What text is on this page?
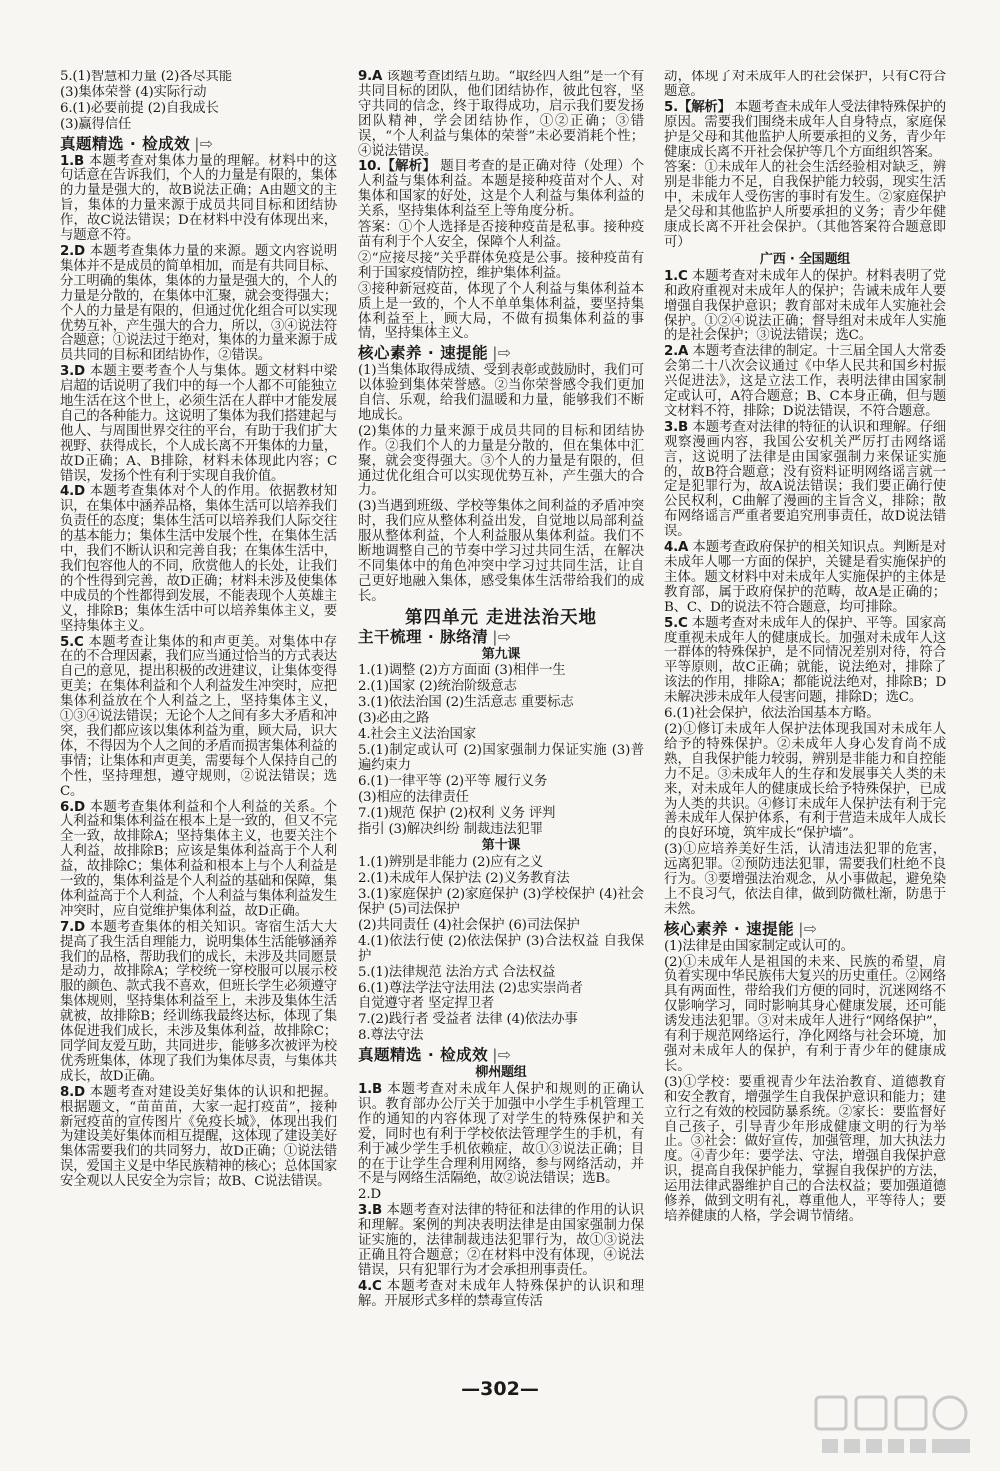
5.(1)智慧和力量 (2)各尽其能

(3)集体荣誉 (4)实际行动

6.(1)必要前提 (2)自我成长

(3)赢得信任

真题精选 · 检成效 |⇨

1.B 本题考查对集体力量的理解。材料中的这句话意在告诉我们，个人的力量是有限的，集体的力量是强大的，故B说法正确；A由题文的主旨，集体的力量来源于成员共同目标和团结协作，故C说法错误；D在材料中没有体现出来，与题意不符。

2.D 本题考查集体力量的来源。题文内容说明集体并不是成员的简单相加，而是有共同目标、分工明确的集体，集体的力量是强大的，个人的力量是分散的，在集体中汇聚，就会变得强大；个人的力量是有限的，但通过优化组合可以实现优势互补，产生强大的合力，所以，③④说法符合题意；①说法过于绝对，集体的力量来源于成员共同的目标和团结协作，②错误。

3.D 本题主要考查个人与集体。题文材料中梁启超的话说明了我们中的每一个人都不可能独立地生活在这个世上，必须生活在人群中才能发展自己的各种能力。这说明了集体为我们搭建起与他人、与周围世界交往的平台，有助于我们扩大视野、获得成长，个人成长离不开集体的力量，故D正确；A、B排除，材料未体现此内容；C错误，发扬个性有利于实现自我价值。

4.D 本题考查集体对个人的作用。依据教材知识，在集体中涵养品格，集体生活可以培养我们负责任的态度；集体生活可以培养我们人际交往的基本能力；集体生活中发展个性，在集体生活中，我们不断认识和完善自我；在集体生活中，我们包容他人的不同，欣赏他人的长处，让我们的个性得到完善，故D正确；材料未涉及使集体中成员的个性都得到发展，不能表现个人英雄主义，排除B；集体生活中可以培养集体主义，要坚持集体主义。

5.C 本题考查让集体的和声更美。对集体中存在的不合理因素，我们应当通过恰当的方式表达自己的意见，提出积极的改进建议，让集体变得更美；在集体利益和个人利益发生冲突时，应把集体利益放在个人利益之上，坚持集体主义，①③④说法错误；无论个人之间有多大矛盾和冲突，我们都应该以集体利益为重，顾大局，识大体，不得因为个人之间的矛盾而损害集体利益的事情；让集体和声更美，需要每个人保持自己的个性，坚持理想，遵守规则，②说法错误；选C。

6.D 本题考查集体利益和个人利益的关系。个人利益和集体利益在根本上是一致的，但又不完全一致，故排除A；坚持集体主义，也要关注个人利益，故排除B；应该是集体利益高于个人利益，故排除C；集体利益和根本上与个人利益是一致的，集体利益是个人利益的基础和保障，集体利益高于个人利益，个人利益与集体利益发生冲突时，应自觉维护集体利益，故D正确。

7.D 本题考查集体的相关知识。寄宿生活大大提高了我生活自理能力，说明集体生活能够涵养我们的品格，帮助我们的成长，未涉及共同愿景是动力，故排除A；学校统一穿校服可以展示校服的颜色、款式我不喜欢，但班长学生必须遵守集体规则，坚持集体利益至上，未涉及集体生活就被，故排除B；经训练我最终达标，体现了集体促进我们成长，未涉及集体利益，故排除C；同学间友爱互助，共同进步，能够多次被评为校优秀班集体，体现了我们为集体尽责，与集体共成长，故D正确。

8.D 本题考查对建设美好集体的认识和把握。根据题文，“苗苗苗，大家一起打疫苗”，接种新冠疫苗的宣传图片《免疫长城》，体现出我们为建设美好集体而相互提醒，这体现了建设美好集体需要我们的共同努力，故D正确；①说法错误，爱国主义是中华民族精神的核心；总体国家安全观以人民安全为宗旨；故B、C说法错误。

9.A 该题考查团结互助。“取经四人组”是一个有共同目标的团队，他们团结协作，彼此包容，坚守共同的信念，终于取得成功，启示我们要发扬团队精神，学会团结协作，①②正确；③错误，“个人利益与集体的荣誉”未必要消耗个性；④说法错误。

10.【解析】 题目考查的是正确对待（处理）个人利益与集体利益。本题是接种疫苗对个人、对集体和国家的好处，这是个人利益与集体利益的关系，坚持集体利益至上等角度分析。

答案：①个人选择是否接种疫苗是私事。接种疫苗有利于个人安全，保障个人利益。

②“应接尽接”关乎群体免疫是公事。接种疫苗有利于国家疫情防控，维护集体利益。

③接种新冠疫苗，体现了个人利益与集体利益本质上是一致的，个人不单单集体利益，要坚持集体利益至上，顾大局，不做有损集体利益的事情，坚持集体主义。

核心素养 · 速提能 |⇨

(1)当集体取得成绩、受到表彰或鼓励时，我们可以体验到集体荣誉感。②当你荣誉感令我们更加自信、乐观，给我们温暖和力量，能够我们不断地成长。

(2)集体的力量来源于成员共同的目标和团结协作。②我们个人的力量是分散的，但在集体中汇聚，就会变得强大。③个人的力量是有限的，但通过优化组合可以实现优势互补，产生强大的合力。

(3)当遇到班级、学校等集体之间利益的矛盾冲突时，我们应从整体利益出发，自觉地以局部利益服从整体利益，个人利益服从集体利益。我们不断地调整自己的节奏中学习过共同生活，在解决不同集体中的角色冲突中学习过共同生活，让自己更好地融入集体，感受集体生活带给我们的成长。

第四单元 走进法治天地
主干梳理 · 脉络清 |⇨
第九课

1.(1)调整 (2)方方面面 (3)相伴一生

2.(1)国家 (2)统治阶级意志

3.(1)依法治国 (2)生活意志 重要标志

(3)必由之路

4.社会主义法治国家

5.(1)制定或认可 (2)国家强制力保证实施 (3)普遍约束力

6.(1)一律平等 (2)平等 履行义务

(3)相应的法律责任

7.(1)规范 保护 (2)权利 义务 评判

指引 (3)解决纠纷 制裁违法犯罪

第十课

1.(1)辨别是非能力 (2)应有之义

2.(1)未成年人保护法 (2)义务教育法

3.(1)家庭保护 (2)家庭保护 (3)学校保护 (4)社会保护 (5)司法保护

(2)共同责任 (4)社会保护 (6)司法保护

4.(1)依法行使 (2)依法保护 (3)合法权益 自我保护

5.(1)法律规范 法治方式 合法权益

6.(1)尊法学法守法用法 (2)忠实崇尚者

自觉遵守者 坚定捍卫者

7.(2)践行者 受益者 法律 (4)依法办事

8.尊法守法

真题精选 · 检成效 |⇨
柳州题组

1.B 本题考查对未成年人保护和规则的正确认识。教育部办公厅关于加强中小学生手机管理工作的通知的内容体现了对学生的特殊保护和关爱，同时也有利于学校依法管理学生的手机，有利于减少学生手机依赖症，故①③说法正确；目的在于让学生合理利用网络，参与网络活动，并不是与网络生活隔绝，故②说法错误；选B。

2.D

3.B 本题考查对法律的特征和法律的作用的认识和理解。案例的判决表明法律是由国家强制力保证实施的，法律制裁违法犯罪行为，故①③说法正确且符合题意；②在材料中没有体现，④说法错误，只有犯罪行为才会承担刑事责任。

4.C 本题考查对未成年人特殊保护的认识和理解。开展形式多样的禁毒宣传活

动，体现了对未成年人的社会保护，只有C符合题意。

5.【解析】 本题考查未成年人受法律特殊保护的原因。需要我们围绕未成年人自身特点，家庭保护是父母和其他监护人所要承担的义务，青少年健康成长离不开社会保护等几个方面组织答案。

答案：①未成年人的社会生活经验相对缺乏，辨别是非能力不足，自我保护能力较弱，现实生活中，未成年人受伤害的事时有发生。②家庭保护是父母和其他监护人所要承担的义务；青少年健康成长离不开社会保护。（其他答案符合题意即可）

广西 · 全国题组

1.C 本题考查对未成年人的保护。材料表明了党和政府重视对未成年人的保护；告诫未成年人要增强自我保护意识；教育部对未成年人实施社会保护。①②④说法正确；督导组对未成年人实施的是社会保护；③说法错误；选C。

2.A 本题考查法律的制定。十三届全国人大常委会第二十八次会议通过《中华人民共和国乡村振兴促进法》，这是立法工作，表明法律由国家制定或认可，A符合题意；B、C本身正确，但与题文材料不符，排除；D说法错误，不符合题意。

3.B 本题考查对法律的特征的认识和理解。仔细观察漫画内容，我国公安机关严厉打击网络谣言，这说明了法律是由国家强制力来保证实施的，故B符合题意；没有资料证明网络谣言就一定是犯罪行为，故A说法错误；我们要正确行使公民权利，C曲解了漫画的主旨含义，排除；散布网络谣言严重者要追究刑事责任，故D说法错误。

4.A 本题考查政府保护的相关知识点。判断是对未成年人哪一方面的保护，关键是看实施保护的主体。题文材料中对未成年人实施保护的主体是教育部，属于政府保护的范畴，故A是正确的；B、C、D的说法不符合题意，均可排除。

5.C 本题考查对未成年人的保护、平等。国家高度重视未成年人的健康成长。加强对未成年人这一群体的特殊保护，是不同情况差别对待，符合平等原则，故C正确；就能，说法绝对，排除了该法的作用，排除A；都能说法绝对，排除B；D未解决涉未成年人侵害问题，排除D；选C。

6.(1)社会保护，依法治国基本方略。

(2)①修订未成年人保护法体现我国对未成年人给予的特殊保护。②未成年人身心发育尚不成熟，自我保护能力较弱，辨别是非能力和自控能力不足。③未成年人的生存和发展事关人类的未来，对未成年人的健康成长给予特殊保护，已成为人类的共识。④修订未成年人保护法有利于完善未成年人保护体系，有利于营造未成年人成长的良好环境，筑牢成长“保护墙”。

(3)①应培养美好生活，认清违法犯罪的危害，远离犯罪。②预防违法犯罪，需要我们杜绝不良行为。③要增强法治观念，从小事做起，避免染上不良习气，依法自律，做到防微杜渐，防患于未然。

核心素养 · 速提能 |⇨

(1)法律是由国家制定或认可的。

(2)①未成年人是祖国的未来、民族的希望，肩负着实现中华民族伟大复兴的历史重任。②网络具有两面性，带给我们方便的同时，沉迷网络不仅影响学习，同时影响其身心健康发展，还可能诱发违法犯罪。③对未成年人进行“网络保护”，有利于规范网络运行，净化网络与社会环境，加强对未成年人的保护，有利于青少年的健康成长。

(3)①学校：要重视青少年法治教育、道德教育和安全教育，增强学生自我保护意识和能力；建立行之有效的校园防暴系统。②家长：要监督好自己孩子，引导青少年形成健康文明的行为举止。③社会：做好宣传，加强管理，加大执法力度。④青少年：要学法、守法，增强自我保护意识，提高自我保护能力，掌握自我保护的方法，运用法律武器维护自己的合法权益；要加强道德修养，做到文明有礼，尊重他人，平等待人；要培养健康的人格，学会调节情绪。

—302—
